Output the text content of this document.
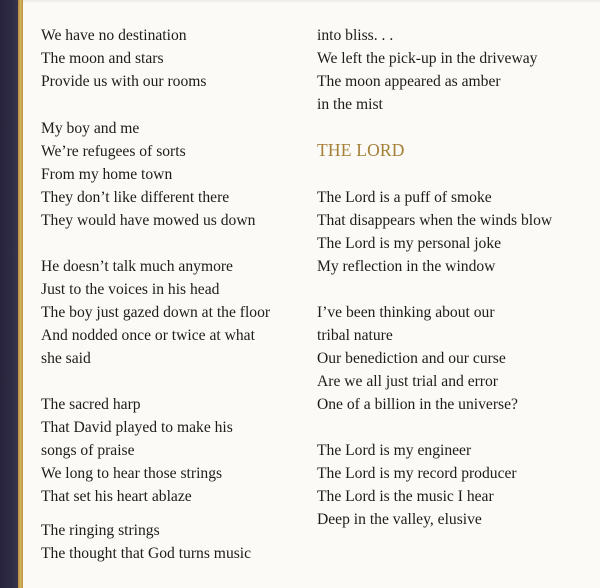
We have no destination
The moon and stars
Provide us with our rooms
My boy and me
We’re refugees of sorts
From my home town
They don’t like different there
They would have mowed us down
He doesn’t talk much anymore
Just to the voices in his head
The boy just gazed down at the floor
And nodded once or twice at what
she said
The sacred harp
That David played to make his
songs of praise
We long to hear those strings
That set his heart ablaze
The ringing strings
The thought that God turns music
into bliss. . .
We left the pick-up in the driveway
The moon appeared as amber
in the mist
THE LORD
The Lord is a puff of smoke
That disappears when the winds blow
The Lord is my personal joke
My reflection in the window
I’ve been thinking about our
tribal nature
Our benediction and our curse
Are we all just trial and error
One of a billion in the universe?
The Lord is my engineer
The Lord is my record producer
The Lord is the music I hear
Deep in the valley, elusive
